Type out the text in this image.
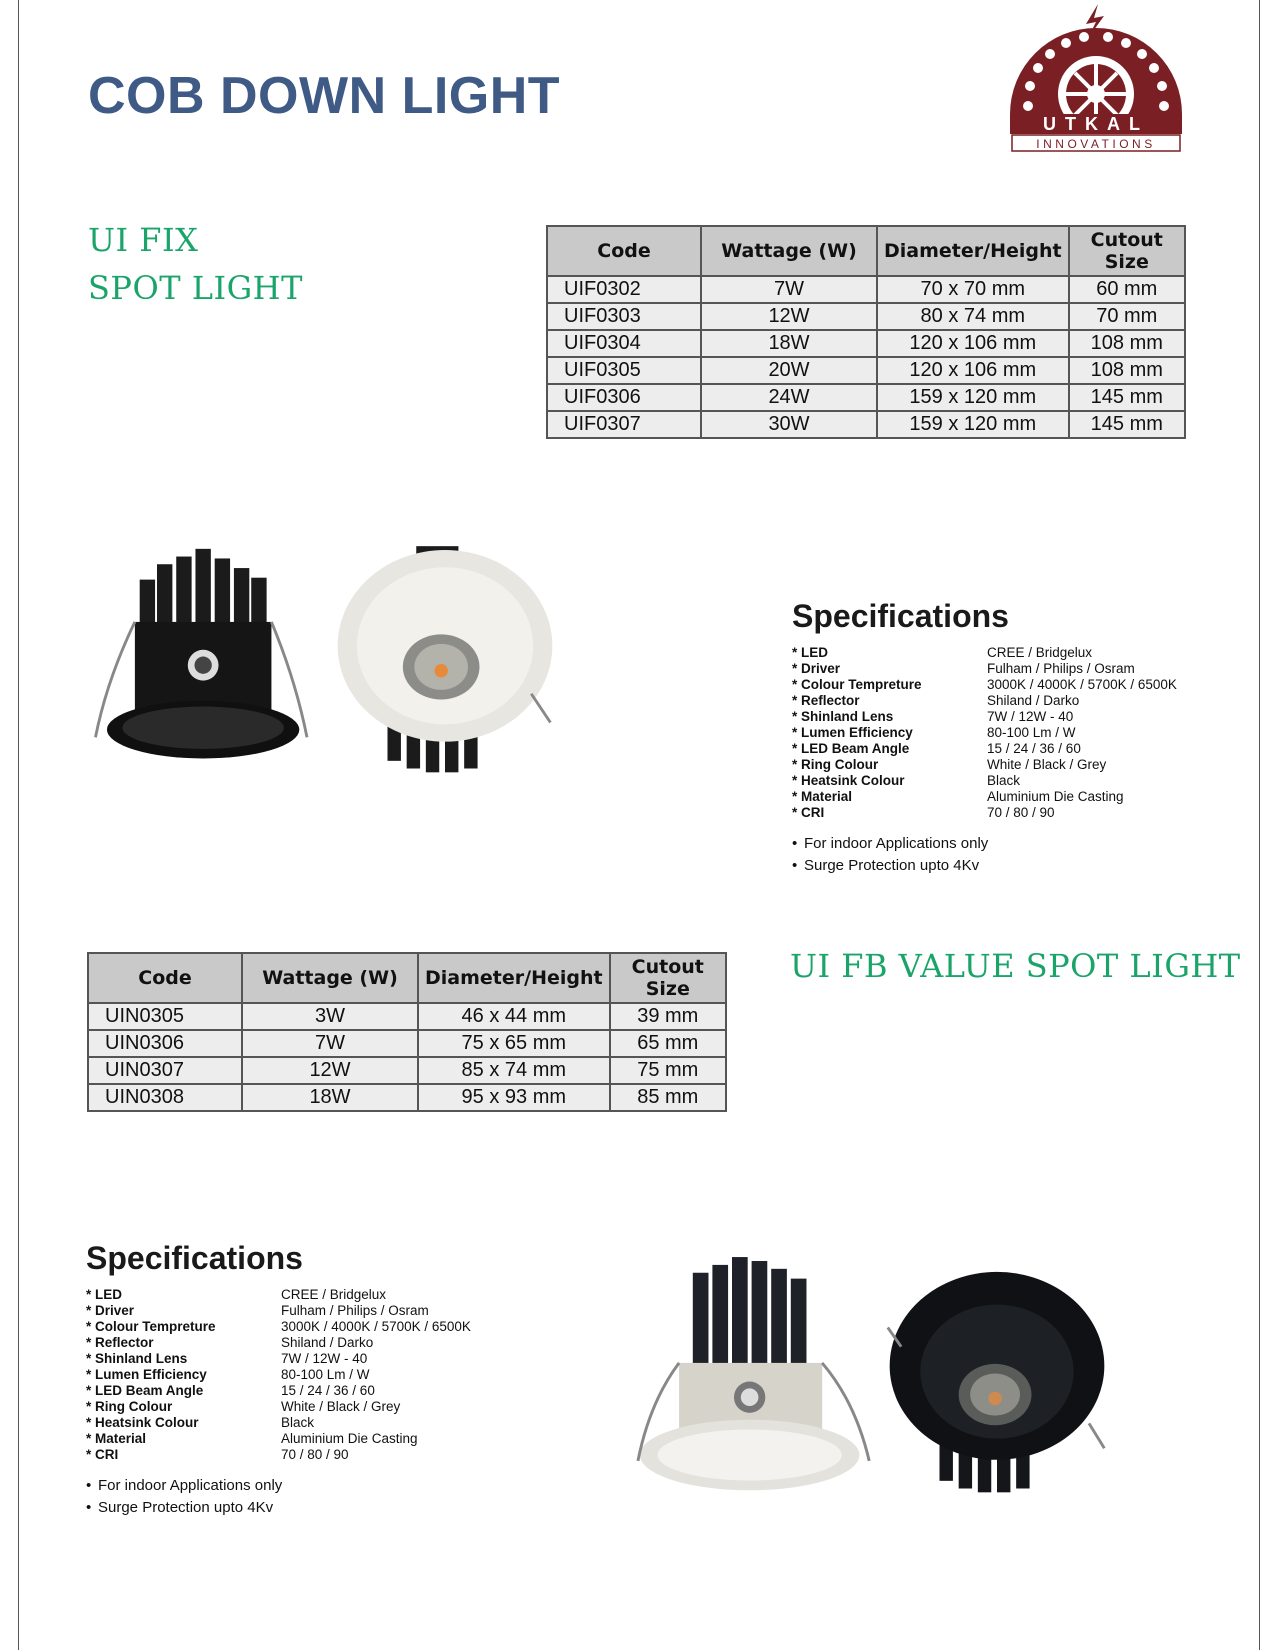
COB DOWN LIGHT	UTKAL
INNOVATIONS
UI FIX
SPOT LIGHT
Code	Wattage (W)	Diameter/Height	Cutout Size
UIF0302	7W	70 x 70 mm	60 mm
UIF0303	12W	80 x 74 mm	70 mm
UIF0304	18W	120 x 106 mm	108 mm
UIF0305	20W	120 x 106 mm	108 mm
UIF0306	24W	159 x 120 mm	145 mm
UIF0307	30W	159 x 120 mm	145 mm
Specifications
* LED	CREE / Bridgelux
* Driver	Fulham / Philips / Osram
* Colour Tempreture	3000K / 4000K / 5700K / 6500K
* Reflector	Shiland / Darko
* Shinland Lens	7W / 12W - 40
* Lumen Efficiency	80-100 Lm / W
* LED Beam Angle	15 / 24 / 36 / 60
* Ring Colour	White / Black / Grey
* Heatsink Colour	Black
* Material	Aluminium Die Casting
* CRI	70 / 80 / 90
• For indoor Applications only
• Surge Protection upto 4Kv
Code	Wattage (W)	Diameter/Height	Cutout Size
UIN0305	3W	46 x 44 mm	39 mm
UIN0306	7W	75 x 65 mm	65 mm
UIN0307	12W	85 x 74 mm	75 mm
UIN0308	18W	95 x 93 mm	85 mm
UI FB VALUE SPOT LIGHT
Specifications
* LED	CREE / Bridgelux
* Driver	Fulham / Philips / Osram
* Colour Tempreture	3000K / 4000K / 5700K / 6500K
* Reflector	Shiland / Darko
* Shinland Lens	7W / 12W - 40
* Lumen Efficiency	80-100 Lm / W
* LED Beam Angle	15 / 24 / 36 / 60
* Ring Colour	White / Black / Grey
* Heatsink Colour	Black
* Material	Aluminium Die Casting
* CRI	70 / 80 / 90
• For indoor Applications only
• Surge Protection upto 4Kv
